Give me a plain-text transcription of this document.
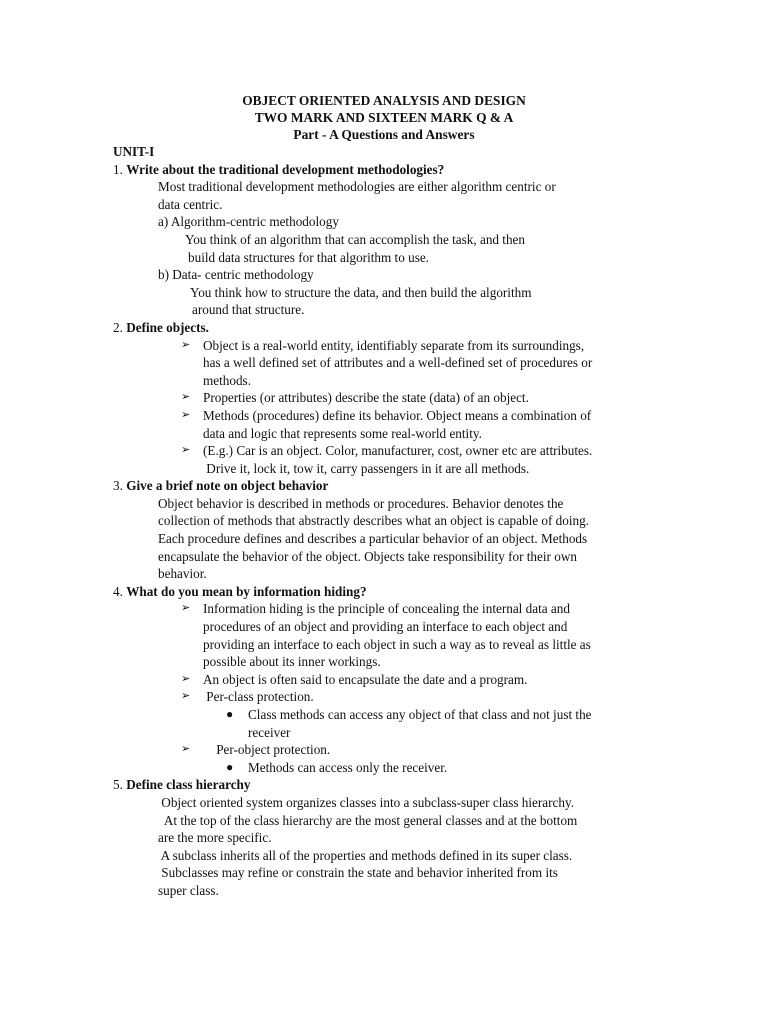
OBJECT ORIENTED ANALYSIS AND DESIGN
TWO MARK AND SIXTEEN MARK Q & A
Part - A Questions and Answers
UNIT-I
1. Write about the traditional development methodologies?
Most traditional development methodologies are either algorithm centric or
data centric.
a) Algorithm-centric methodology
You think of an algorithm that can accomplish the task, and then
build data structures for that algorithm to use.
b) Data- centric methodology
You think how to structure the data, and then build the algorithm
around that structure.
2. Define objects.
➢ Object is a real-world entity, identifiably separate from its surroundings,
has a well defined set of attributes and a well-defined set of procedures or
methods.
➢ Properties (or attributes) describe the state (data) of an object.
➢ Methods (procedures) define its behavior. Object means a combination of
data and logic that represents some real-world entity.
➢ (E.g.) Car is an object. Color, manufacturer, cost, owner etc are attributes.
Drive it, lock it, tow it, carry passengers in it are all methods.
3. Give a brief note on object behavior
Object behavior is described in methods or procedures. Behavior denotes the
collection of methods that abstractly describes what an object is capable of doing.
Each procedure defines and describes a particular behavior of an object. Methods
encapsulate the behavior of the object. Objects take responsibility for their own
behavior.
4. What do you mean by information hiding?
➢ Information hiding is the principle of concealing the internal data and
procedures of an object and providing an interface to each object and
providing an interface to each object in such a way as to reveal as little as
possible about its inner workings.
➢ An object is often said to encapsulate the date and a program.
➢ Per-class protection.
● Class methods can access any object of that class and not just the
receiver
➢ Per-object protection.
● Methods can access only the receiver.
5. Define class hierarchy
Object oriented system organizes classes into a subclass-super class hierarchy.
At the top of the class hierarchy are the most general classes and at the bottom
are the more specific.
A subclass inherits all of the properties and methods defined in its super class.
Subclasses may refine or constrain the state and behavior inherited from its
super class.
